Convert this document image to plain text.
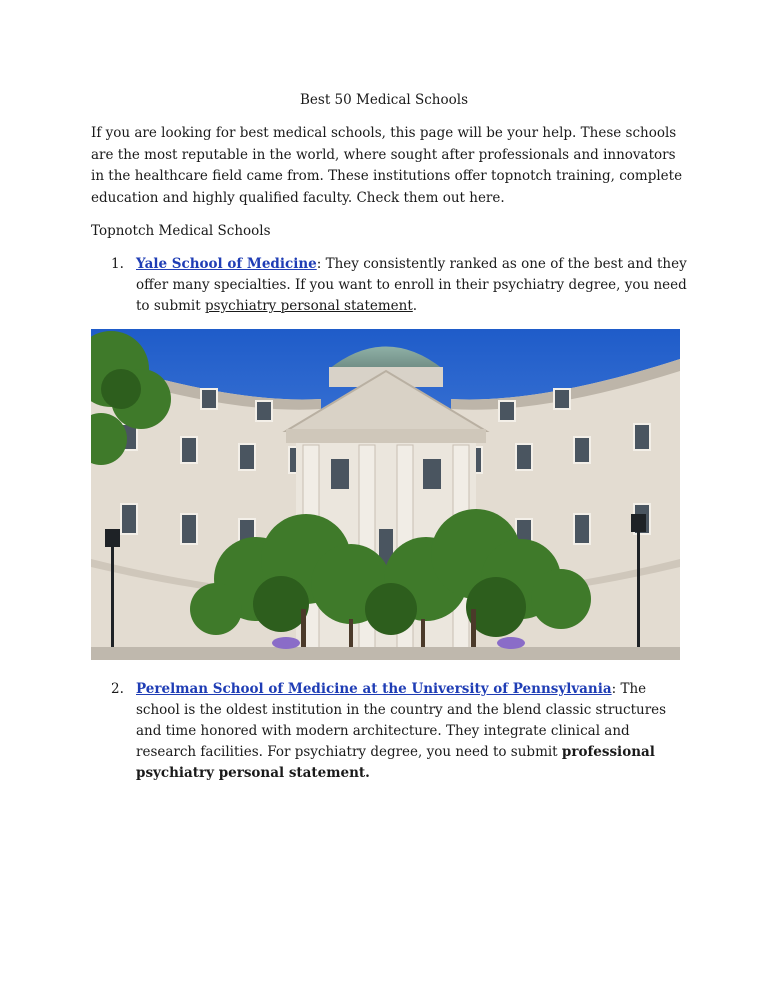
Best 50 Medical Schools
If you are looking for best medical schools, this page will be your help. These schools are the most reputable in the world, where sought after professionals and innovators in the healthcare field came from. These institutions offer topnotch training, complete education and highly qualified faculty. Check them out here.
Topnotch Medical Schools
1. Yale School of Medicine: They consistently ranked as one of the best and they offer many specialties. If you want to enroll in their psychiatry degree, you need to submit psychiatry personal statement.
2. Perelman School of Medicine at the University of Pennsylvania: The school is the oldest institution in the country and the blend classic structures and time honored with modern architecture. They integrate clinical and research facilities. For psychiatry degree, you need to submit professional psychiatry personal statement.
